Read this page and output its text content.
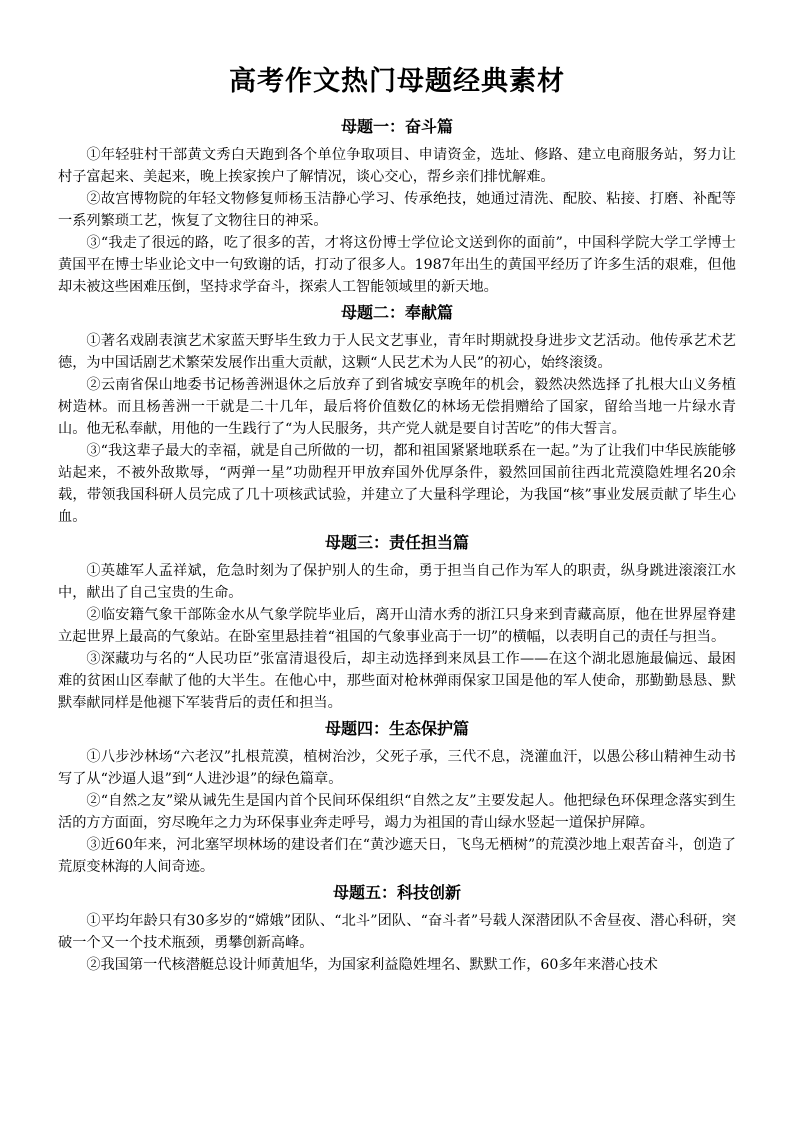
高考作文热门母题经典素材
母题一：奋斗篇

①年轻驻村干部黄文秀白天跑到各个单位争取项目、申请资金，选址、修路、建立电商服务站，努力让村子富起来、美起来，晚上挨家挨户了解情况，谈心交心，帮乡亲们排忧解难。

②故宫博物院的年轻文物修复师杨玉洁静心学习、传承绝技，她通过清洗、配胶、粘接、打磨、补配等一系列繁琐工艺，恢复了文物往日的神采。

③“我走了很远的路，吃了很多的苦，才将这份博士学位论文送到你的面前”，中国科学院大学工学博士黄国平在博士毕业论文中一句致谢的话，打动了很多人。1987年出生的黄国平经历了许多生活的艰难，但他却未被这些困难压倒，坚持求学奋斗，探索人工智能领域里的新天地。

母题二：奉献篇

①著名戏剧表演艺术家蓝天野毕生致力于人民文艺事业，青年时期就投身进步文艺活动。他传承艺术艺德，为中国话剧艺术繁荣发展作出重大贡献，这颗“人民艺术为人民”的初心，始终滚烫。

②云南省保山地委书记杨善洲退休之后放弃了到省城安享晚年的机会，毅然决然选择了扎根大山义务植树造林。而且杨善洲一干就是二十几年，最后将价值数亿的林场无偿捐赠给了国家，留给当地一片绿水青山。他无私奉献，用他的一生践行了“为人民服务，共产党人就是要自讨苦吃”的伟大誓言。

③“我这辈子最大的幸福，就是自己所做的一切，都和祖国紧紧地联系在一起。”为了让我们中华民族能够站起来，不被外敌欺辱，“两弹一星”功勋程开甲放弃国外优厚条件，毅然回国前往西北荒漠隐姓埋名20余载，带领我国科研人员完成了几十项核武试验，并建立了大量科学理论，为我国“核”事业发展贡献了毕生心血。

母题三：责任担当篇

①英雄军人孟祥斌，危急时刻为了保护别人的生命，勇于担当自己作为军人的职责，纵身跳进滚滚江水中，献出了自己宝贵的生命。

②临安籍气象干部陈金水从气象学院毕业后，离开山清水秀的浙江只身来到青藏高原，他在世界屋脊建立起世界上最高的气象站。在卧室里悬挂着“祖国的气象事业高于一切”的横幅，以表明自己的责任与担当。

③深藏功与名的“人民功臣”张富清退役后，却主动选择到来凤县工作——在这个湖北恩施最偏远、最困难的贫困山区奉献了他的大半生。在他心中，那些面对枪林弹雨保家卫国是他的军人使命，那勤勤恳恳、默默奉献同样是他褪下军装背后的责任和担当。

母题四：生态保护篇

①八步沙林场“六老汉”扎根荒漠，植树治沙，父死子承，三代不息，浇灌血汗，以愚公移山精神生动书写了从“沙逼人退”到“人进沙退”的绿色篇章。

②“自然之友”梁从诫先生是国内首个民间环保组织“自然之友”主要发起人。他把绿色环保理念落实到生活的方方面面，穷尽晚年之力为环保事业奔走呼号，竭力为祖国的青山绿水竖起一道保护屏障。

③近60年来，河北塞罕坝林场的建设者们在“黄沙遮天日，飞鸟无栖树”的荒漠沙地上艰苦奋斗，创造了荒原变林海的人间奇迹。

母题五：科技创新

①平均年龄只有30多岁的“嫦娥”团队、“北斗”团队、“奋斗者”号载人深潜团队不舍昼夜、潜心科研，突破一个又一个技术瓶颈，勇攀创新高峰。

②我国第一代核潜艇总设计师黄旭华，为国家利益隐姓埋名、默默工作，60多年来潜心技术
